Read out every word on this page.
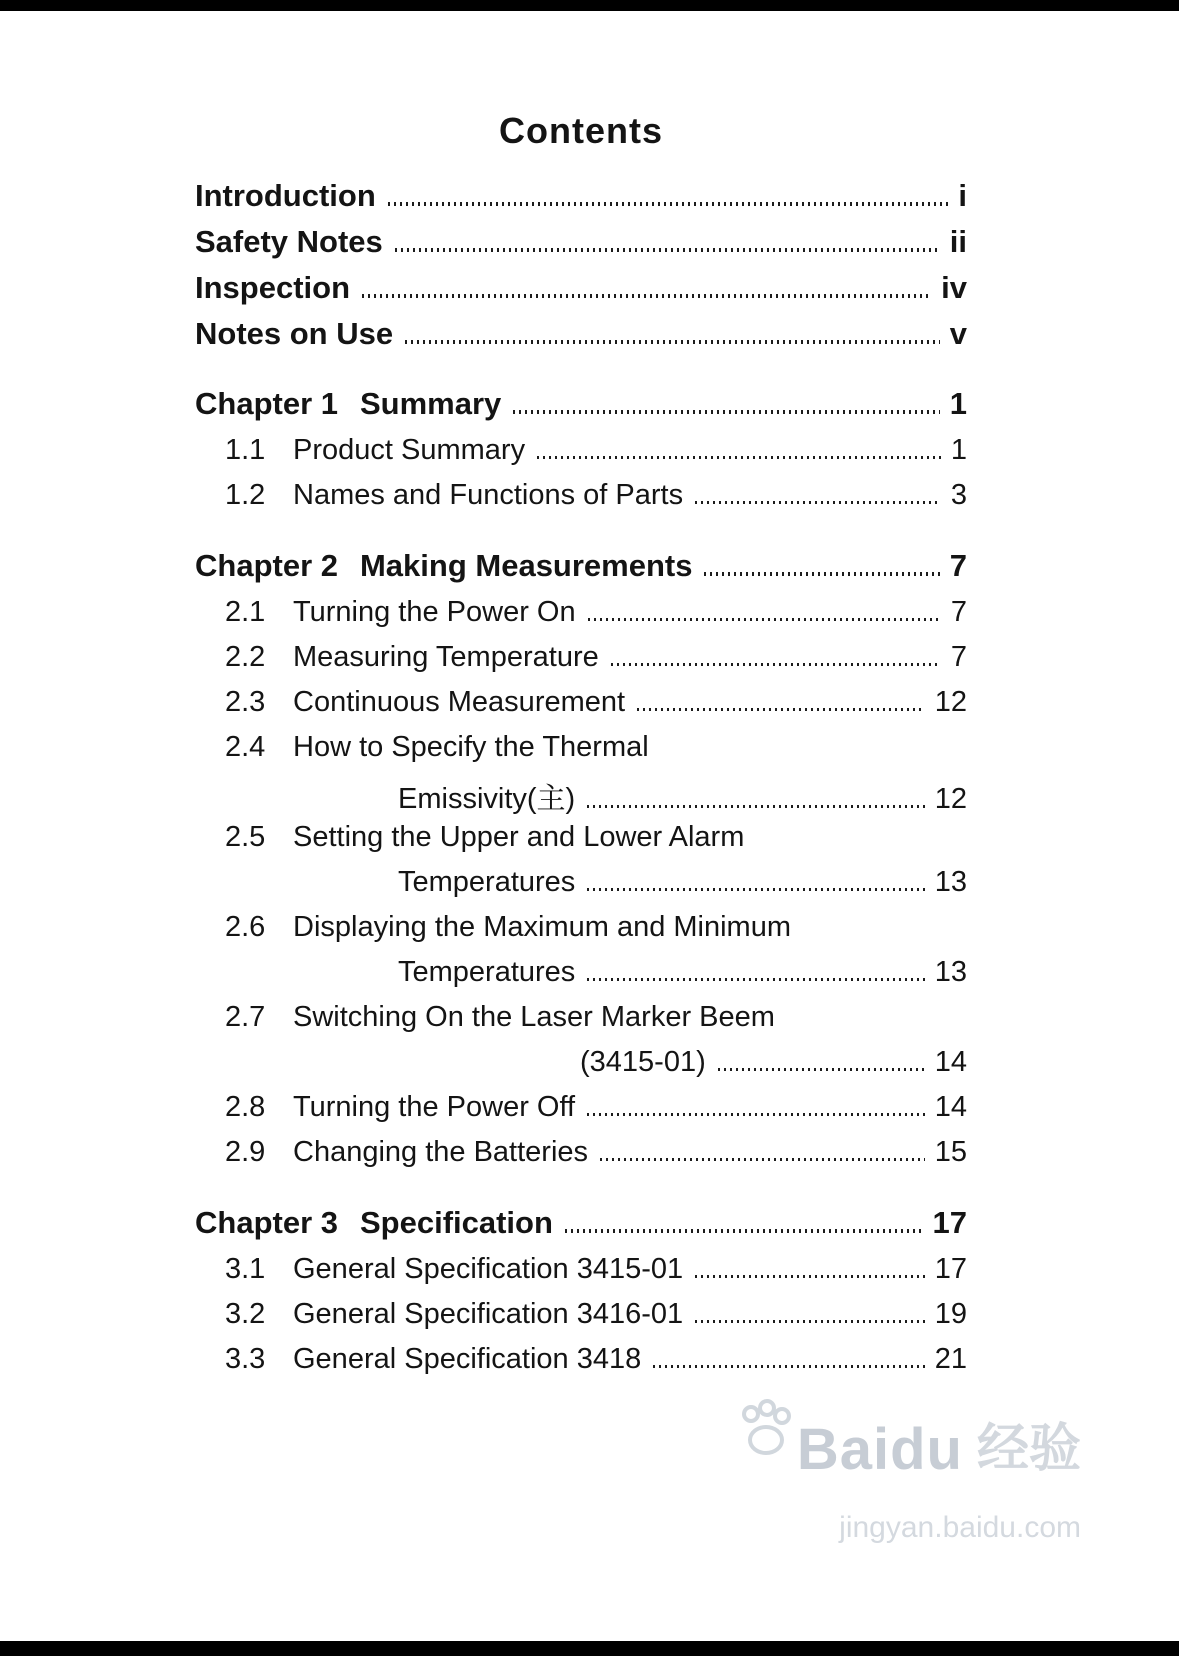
Contents
Introduction	i
Safety Notes	ii
Inspection	iv
Notes on Use	v
Chapter 1 Summary	1
1.1 Product Summary	1
1.2 Names and Functions of Parts	3
Chapter 2 Making Measurements	7
2.1 Turning the Power On	7
2.2 Measuring Temperature	7
2.3 Continuous Measurement	12
2.4 How to Specify the Thermal
Emissivity(主)	12
2.5 Setting the Upper and Lower Alarm
Temperatures	13
2.6 Displaying the Maximum and Minimum
Temperatures	13
2.7 Switching On the Laser Marker Beem
(3415-01)	14
2.8 Turning the Power Off	14
2.9 Changing the Batteries	15
Chapter 3 Specification	17
3.1 General Specification 3415-01	17
3.2 General Specification 3416-01	19
3.3 General Specification 3418	21
Baidu 经验
jingyan.baidu.com
